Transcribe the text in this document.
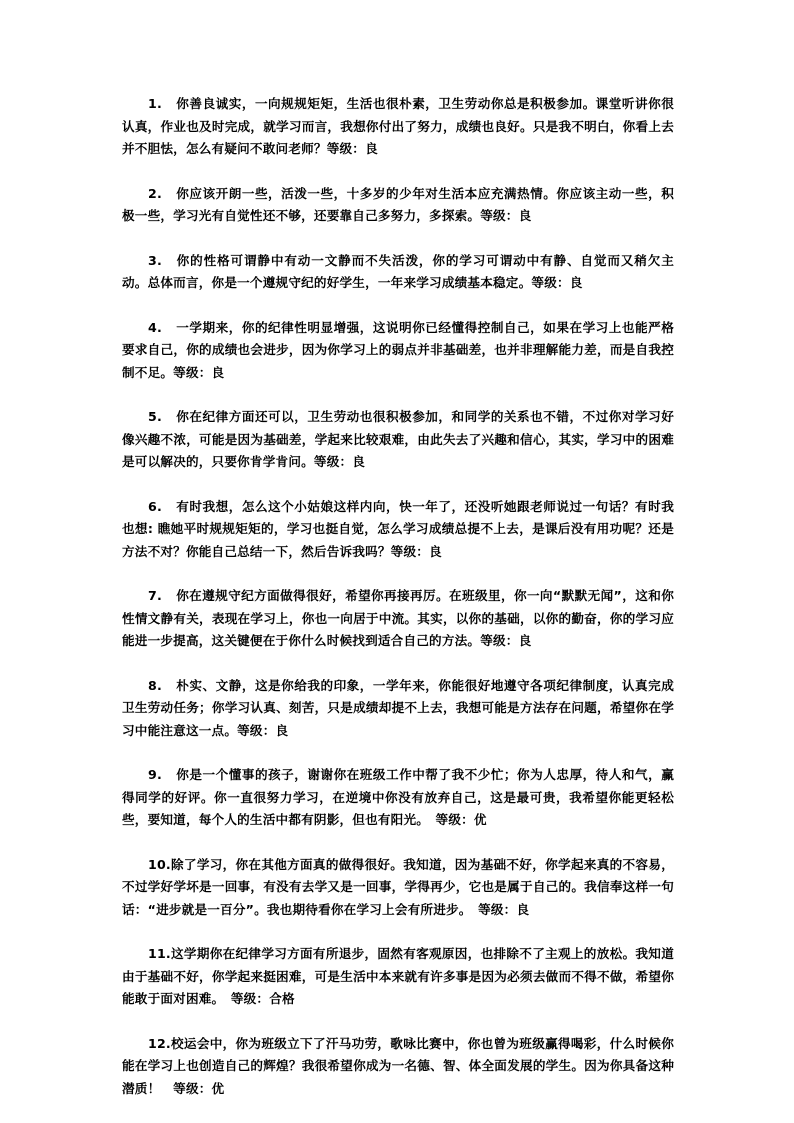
1. 你善良诚实，一向规规矩矩，生活也很朴素，卫生劳动你总是积极参加。课堂听讲你很认真，作业也及时完成，就学习而言，我想你付出了努力，成绩也良好。只是我不明白，你看上去并不胆怯，怎么有疑问不敢问老师？等级：良

2. 你应该开朗一些，活泼一些，十多岁的少年对生活本应充满热情。你应该主动一些，积极一些，学习光有自觉性还不够，还要靠自己多努力，多探索。等级：良

3. 你的性格可谓静中有动一文静而不失活泼，你的学习可谓动中有静、自觉而又稍欠主动。总体而言，你是一个遵规守纪的好学生，一年来学习成绩基本稳定。等级：良

4. 一学期来，你的纪律性明显增强，这说明你已经懂得控制自己，如果在学习上也能严格要求自己，你的成绩也会进步，因为你学习上的弱点并非基础差，也并非理解能力差，而是自我控制不足。等级：良

5. 你在纪律方面还可以，卫生劳动也很积极参加，和同学的关系也不错，不过你对学习好像兴趣不浓，可能是因为基础差，学起来比较艰难，由此失去了兴趣和信心，其实，学习中的困难是可以解决的，只要你肯学肯问。等级：良

6. 有时我想，怎么这个小姑娘这样内向，快一年了，还没听她跟老师说过一句话？有时我也想: 瞧她平时规规矩矩的，学习也挺自觉，怎么学习成绩总提不上去，是课后没有用功呢？还是方法不对？你能自己总结一下，然后告诉我吗？等级：良

7. 你在遵规守纪方面做得很好，希望你再接再厉。在班级里，你一向“默默无闻”，这和你性情文静有关，表现在学习上，你也一向居于中流。其实，以你的基础，以你的勤奋，你的学习应能进一步提高，这关键便在于你什么时候找到适合自己的方法。等级：良

8. 朴实、文静，这是你给我的印象，一学年来，你能很好地遵守各项纪律制度，认真完成卫生劳动任务；你学习认真、刻苦，只是成绩却提不上去，我想可能是方法存在问题，希望你在学习中能注意这一点。等级：良

9. 你是一个懂事的孩子，谢谢你在班级工作中帮了我不少忙；你为人忠厚，待人和气，赢得同学的好评。你一直很努力学习，在逆境中你没有放弃自己，这是最可贵，我希望你能更轻松些，要知道，每个人的生活中都有阴影，但也有阳光。　等级：优

10.除了学习，你在其他方面真的做得很好。我知道，因为基础不好，你学起来真的不容易，不过学好学坏是一回事，有没有去学又是一回事，学得再少，它也是属于自己的。我信奉这样一句话：“进步就是一百分”。我也期待看你在学习上会有所进步。　等级：良

11.这学期你在纪律学习方面有所退步，固然有客观原因，也排除不了主观上的放松。我知道由于基础不好，你学起来挺困难，可是生活中本来就有许多事是因为必须去做而不得不做，希望你能敢于面对困难。　等级：合格

12.校运会中，你为班级立下了汗马功劳，歌咏比赛中，你也曾为班级赢得喝彩，什么时候你能在学习上也创造自己的辉煌？我很希望你成为一名德、智、体全面发展的学生。因为你具备这种潜质！　等级：优
